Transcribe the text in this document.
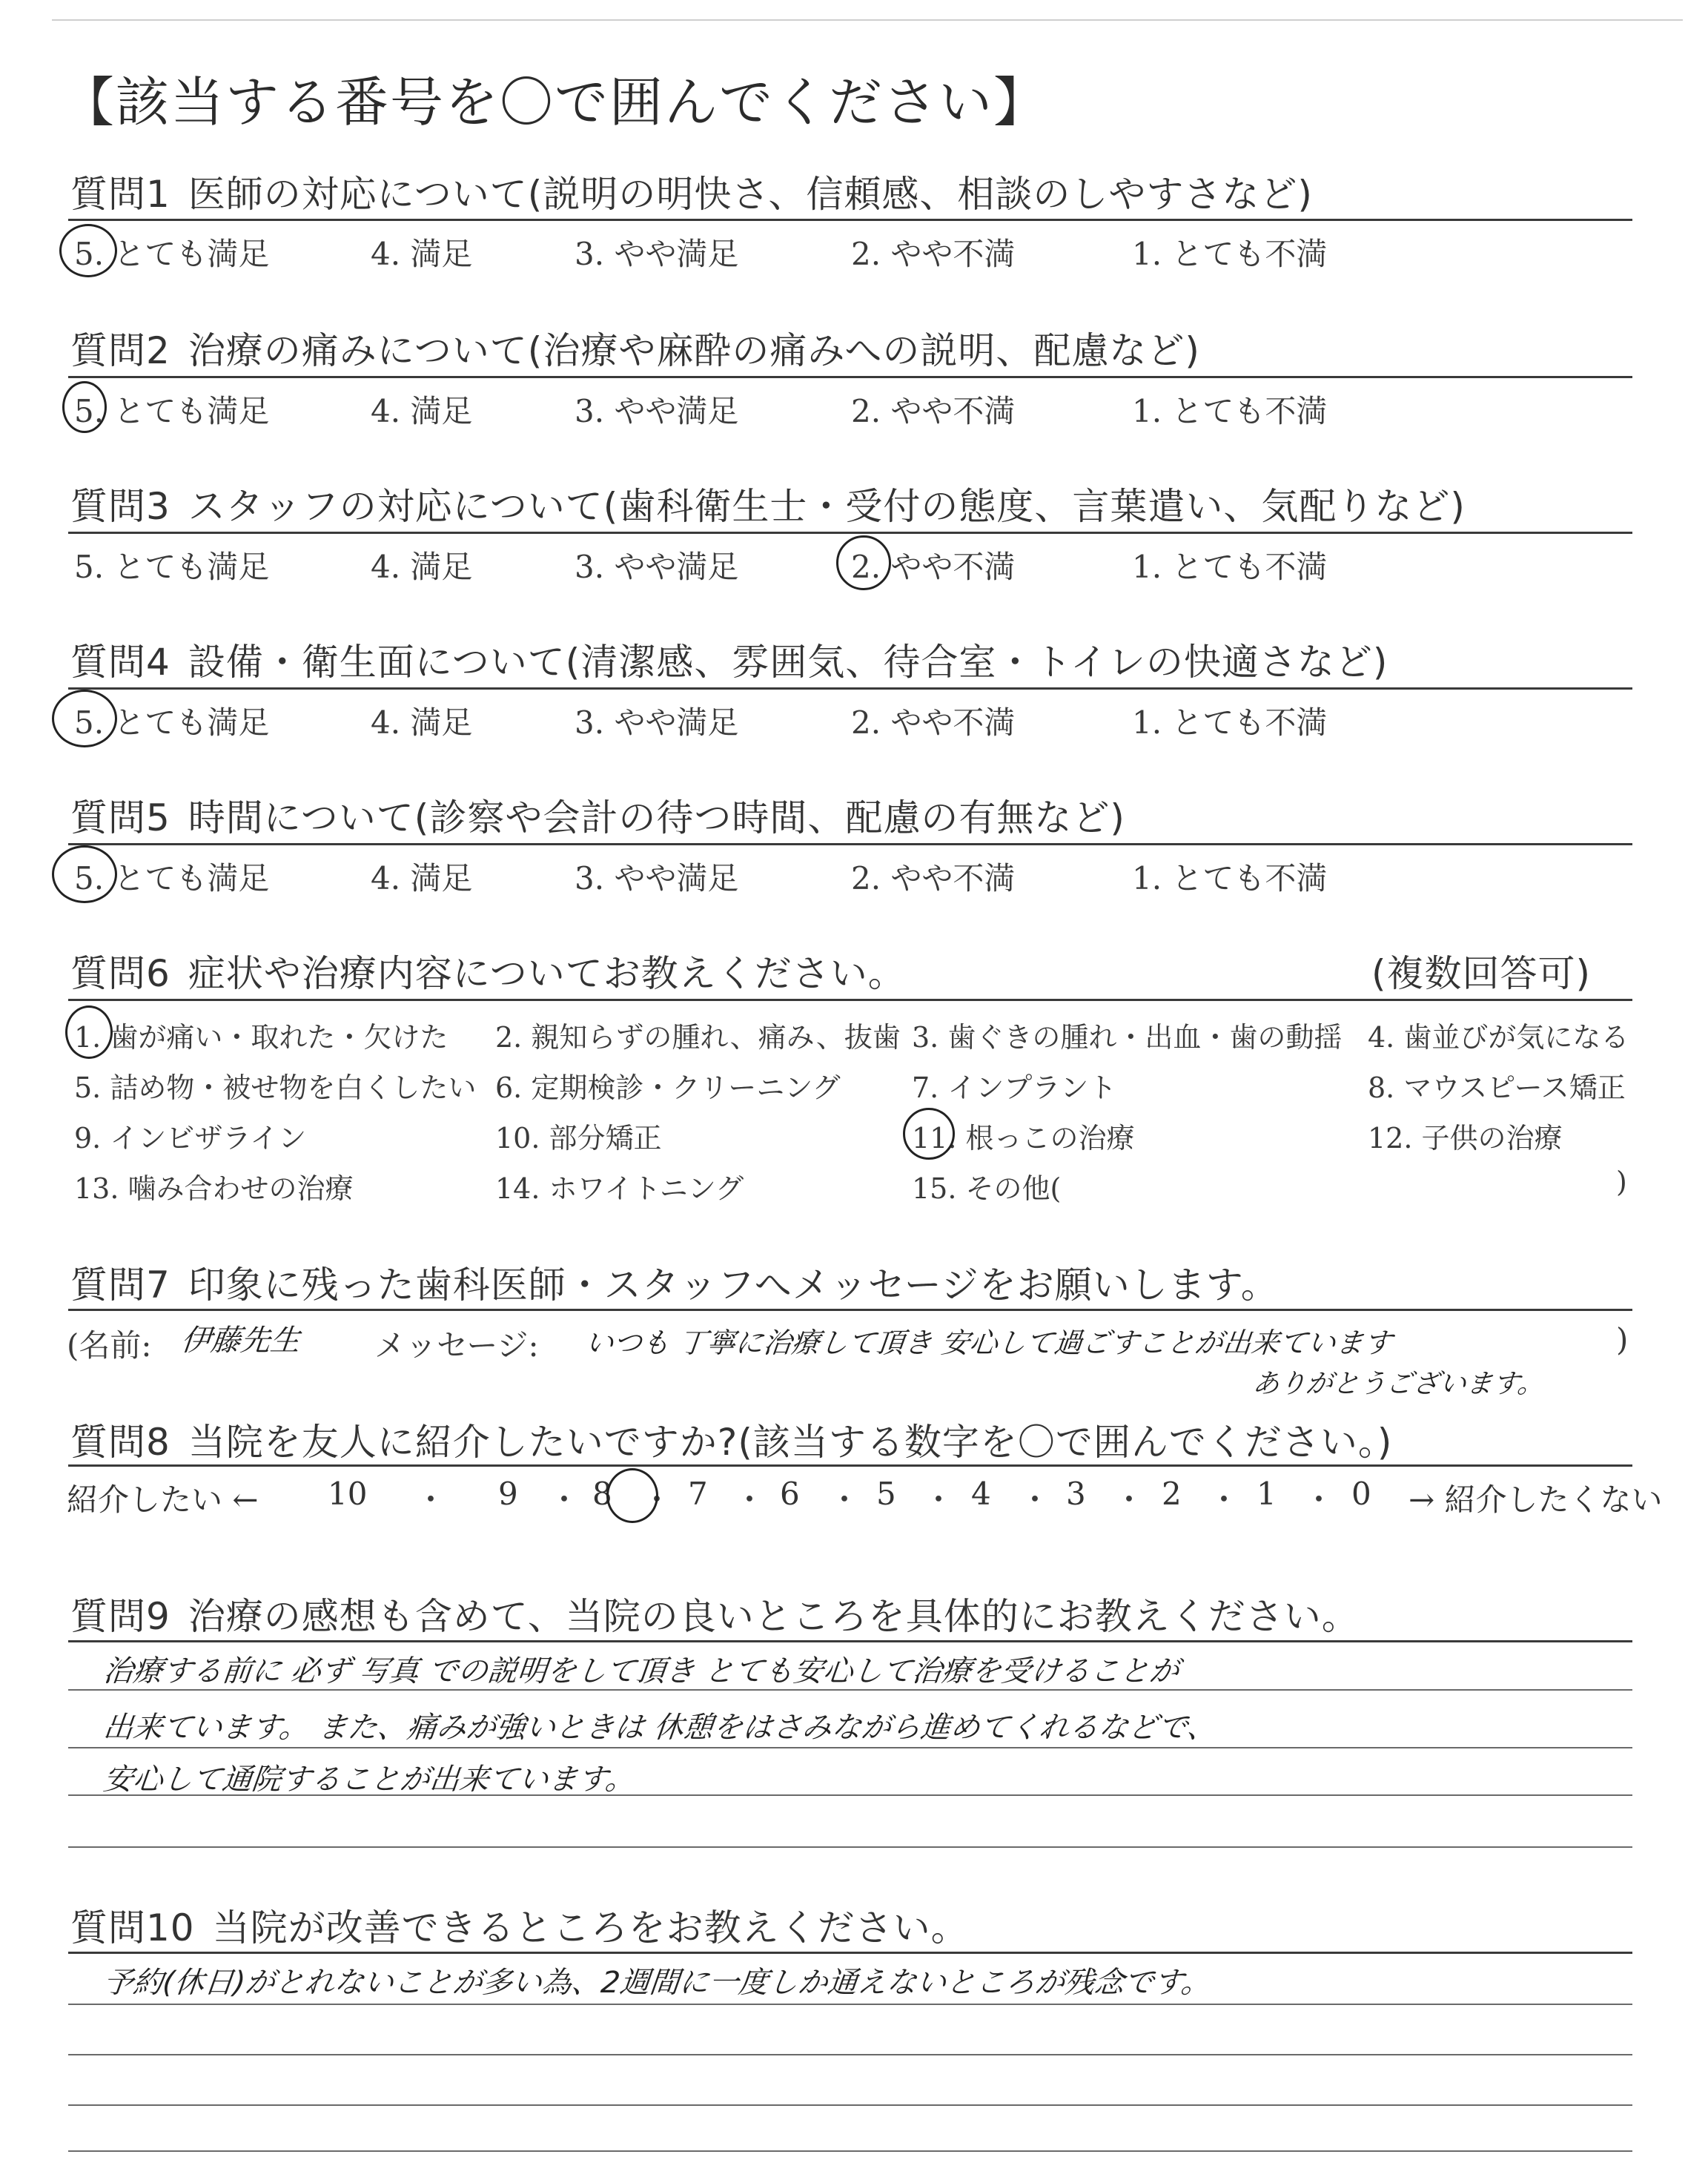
【該当する番号を〇で囲んでください】
質問1 医師の対応について(説明の明快さ、信頼感、相談のしやすさなど)
5. とても満足	4. 満足	3. やや満足	2. やや不満	1. とても不満
質問2 治療の痛みについて(治療や麻酔の痛みへの説明、配慮など)
5. とても満足	4. 満足	3. やや満足	2. やや不満	1. とても不満
質問3 スタッフの対応について(歯科衛生士・受付の態度、言葉遣い、気配りなど)
5. とても満足	4. 満足	3. やや満足	2. やや不満	1. とても不満
質問4 設備・衛生面について(清潔感、雰囲気、待合室・トイレの快適さなど)
5. とても満足	4. 満足	3. やや満足	2. やや不満	1. とても不満
質問5 時間について(診察や会計の待つ時間、配慮の有無など)
5. とても満足	4. 満足	3. やや満足	2. やや不満	1. とても不満
質問6 症状や治療内容についてお教えください。	(複数回答可)
1. 歯が痛い・取れた・欠けた 2. 親知らずの腫れ、痛み、抜歯 3. 歯ぐきの腫れ・出血・歯の動揺 4. 歯並びが気になる
5. 詰め物・被せ物を白くしたい 6. 定期検診・クリーニング	7. インプラント	8. マウスピース矯正
9. インビザライン	10. 部分矯正	11. 根っこの治療	12. 子供の治療
13. 噛み合わせの治療	14. ホワイトニング	15. その他(	)
質問7 印象に残った歯科医師・スタッフへメッセージをお願いします。
(名前: 伊藤先生 メッセージ: いつも 丁寧に治療して頂き 安心して過ごすことが出来ています
ありがとうございます。
)
質問8 当院を友人に紹介したいですか?(該当する数字を〇で囲んでください。)
紹介したい ← 10 ・ 9 ・ 8 ・ 7 ・ 6 ・ 5 ・ 4 ・ 3 ・ 2 ・ 1 ・ 0 → 紹介したくない
質問9 治療の感想も含めて、当院の良いところを具体的にお教えください。
治療する前に 必ず 写真 での説明をして頂き とても安心して治療を受けることが
出来ています。 また、痛みが強いときは 休憩をはさみながら進めてくれるなどで、
安心して通院することが出来ています。
質問10 当院が改善できるところをお教えください。
予約(休日)がとれないことが多い為、2週間に一度しか通えないところが残念です。
